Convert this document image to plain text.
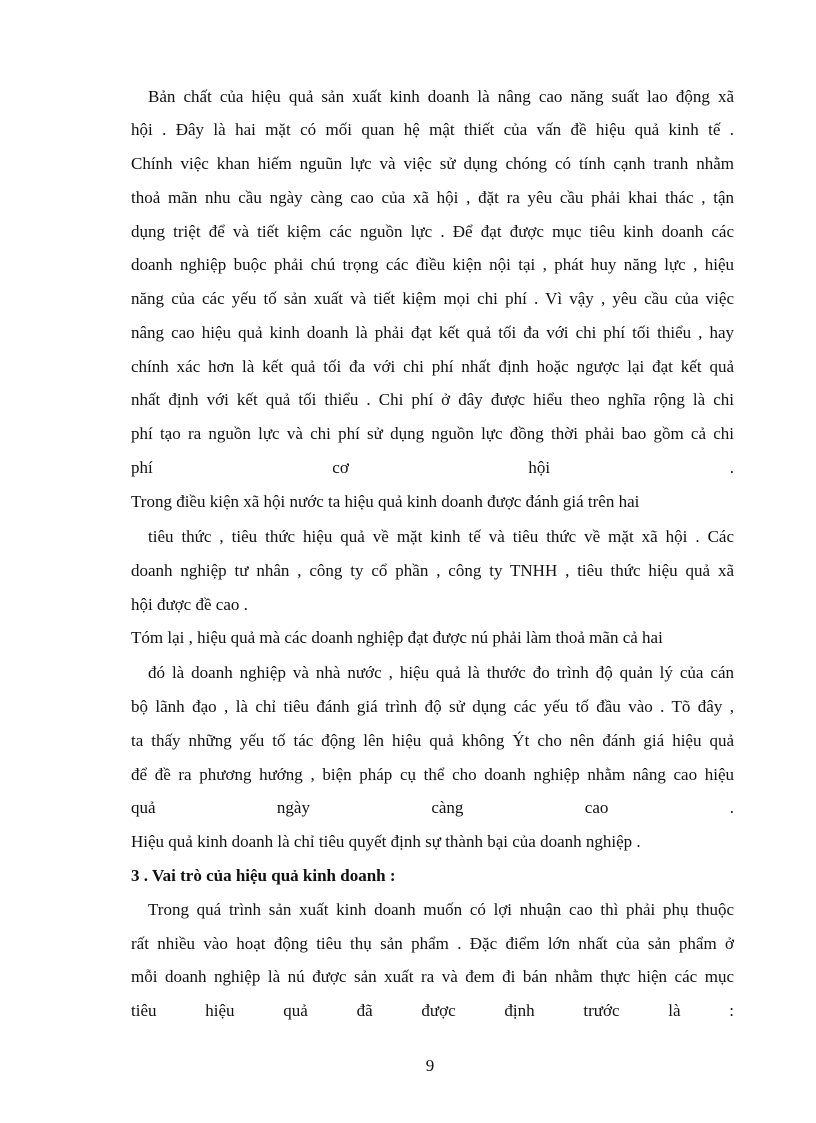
Bản chất của hiệu quả sản xuất kinh doanh là nâng cao năng suất lao động xã
hội . Đây là hai mặt có mối quan hệ mật thiết của vấn đề hiệu quả kinh tế .
Chính việc khan hiếm nguũn lực và việc sử dụng chóng có tính cạnh tranh nhằm
thoả mãn nhu cầu ngày càng cao của xã hội , đặt ra yêu cầu phải khai thác , tận
dụng triệt để và tiết kiệm các nguồn lực . Để đạt được mục tiêu kinh doanh các
doanh nghiệp buộc phải chú trọng các điều kiện nội tại , phát huy năng lực , hiệu
năng của các yếu tố sản xuất và tiết kiệm mọi chi phí . Vì vậy , yêu cầu của việc
nâng cao hiệu quả kinh doanh là phải đạt kết quả tối đa với chi phí tối thiểu , hay
chính xác hơn là kết quả tối đa với chi phí nhất định hoặc ngược lại đạt kết quả
nhất định với kết quả tối thiểu . Chi phí ở đây được hiểu theo nghĩa rộng là chi
phí tạo ra nguồn lực và chi phí sử dụng nguồn lực đồng thời phải bao gồm cả chi
phí cơ hội .
Trong điều kiện xã hội nước ta hiệu quả kinh doanh được đánh giá trên hai
tiêu thức , tiêu thức hiệu quả về mặt kinh tế và tiêu thức về mặt xã hội . Các
doanh nghiệp tư nhân , công ty cổ phần , công ty TNHH , tiêu thức hiệu quả xã
hội được đề cao .
Tóm lại , hiệu quả mà các doanh nghiệp đạt được nú phải làm thoả mãn cả hai
đó là doanh nghiệp và nhà nước , hiệu quả là thước đo trình độ quản lý của cán
bộ lãnh đạo , là chỉ tiêu đánh giá trình độ sử dụng các yếu tố đầu vào . Tõ đây ,
ta thấy những yếu tố tác động lên hiệu quả không Ýt cho nên đánh giá hiệu quả
để đề ra phương hướng , biện pháp cụ thể cho doanh nghiệp nhằm nâng cao hiệu
quả ngày càng cao .
Hiệu quả kinh doanh là chỉ tiêu quyết định sự thành bại của doanh nghiệp .
3 . Vai trò của hiệu quả kinh doanh :
Trong quá trình sản xuất kinh doanh muốn có lợi nhuận cao thì phải phụ thuộc
rất nhiều vào hoạt động tiêu thụ sản phẩm . Đặc điểm lớn nhất của sản phẩm ở
mỗi doanh nghiệp là nú được sản xuất ra và đem đi bán nhằm thực hiện các mục
tiêu hiệu quả đã được định trước là :
9
